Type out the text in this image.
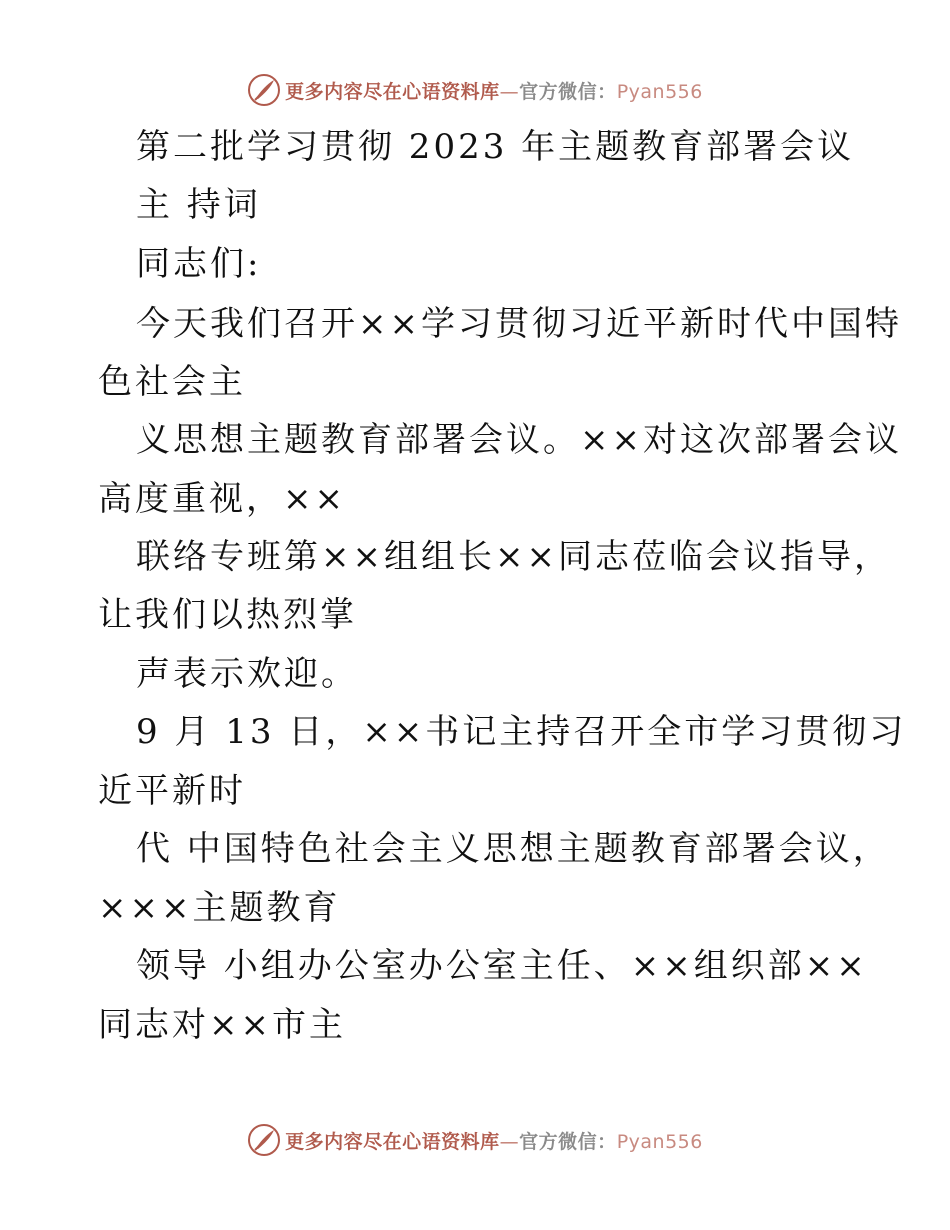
更多内容尽在心语资料库—官方微信：Pyan556

第二批学习贯彻 2023 年主题教育部署会议

主 持词

同志们:

今天我们召开××学习贯彻习近平新时代中国特

色社会主

义思想主题教育部署会议。××对这次部署会议

高度重视，××

联络专班第××组组长××同志莅临会议指导，

让我们以热烈掌

声表示欢迎。

9 月 13 日，××书记主持召开全市学习贯彻习

近平新时

代 中国特色社会主义思想主题教育部署会议，

×××主题教育

领导 小组办公室办公室主任、××组织部××

同志对××市主

更多内容尽在心语资料库—官方微信：Pyan556
